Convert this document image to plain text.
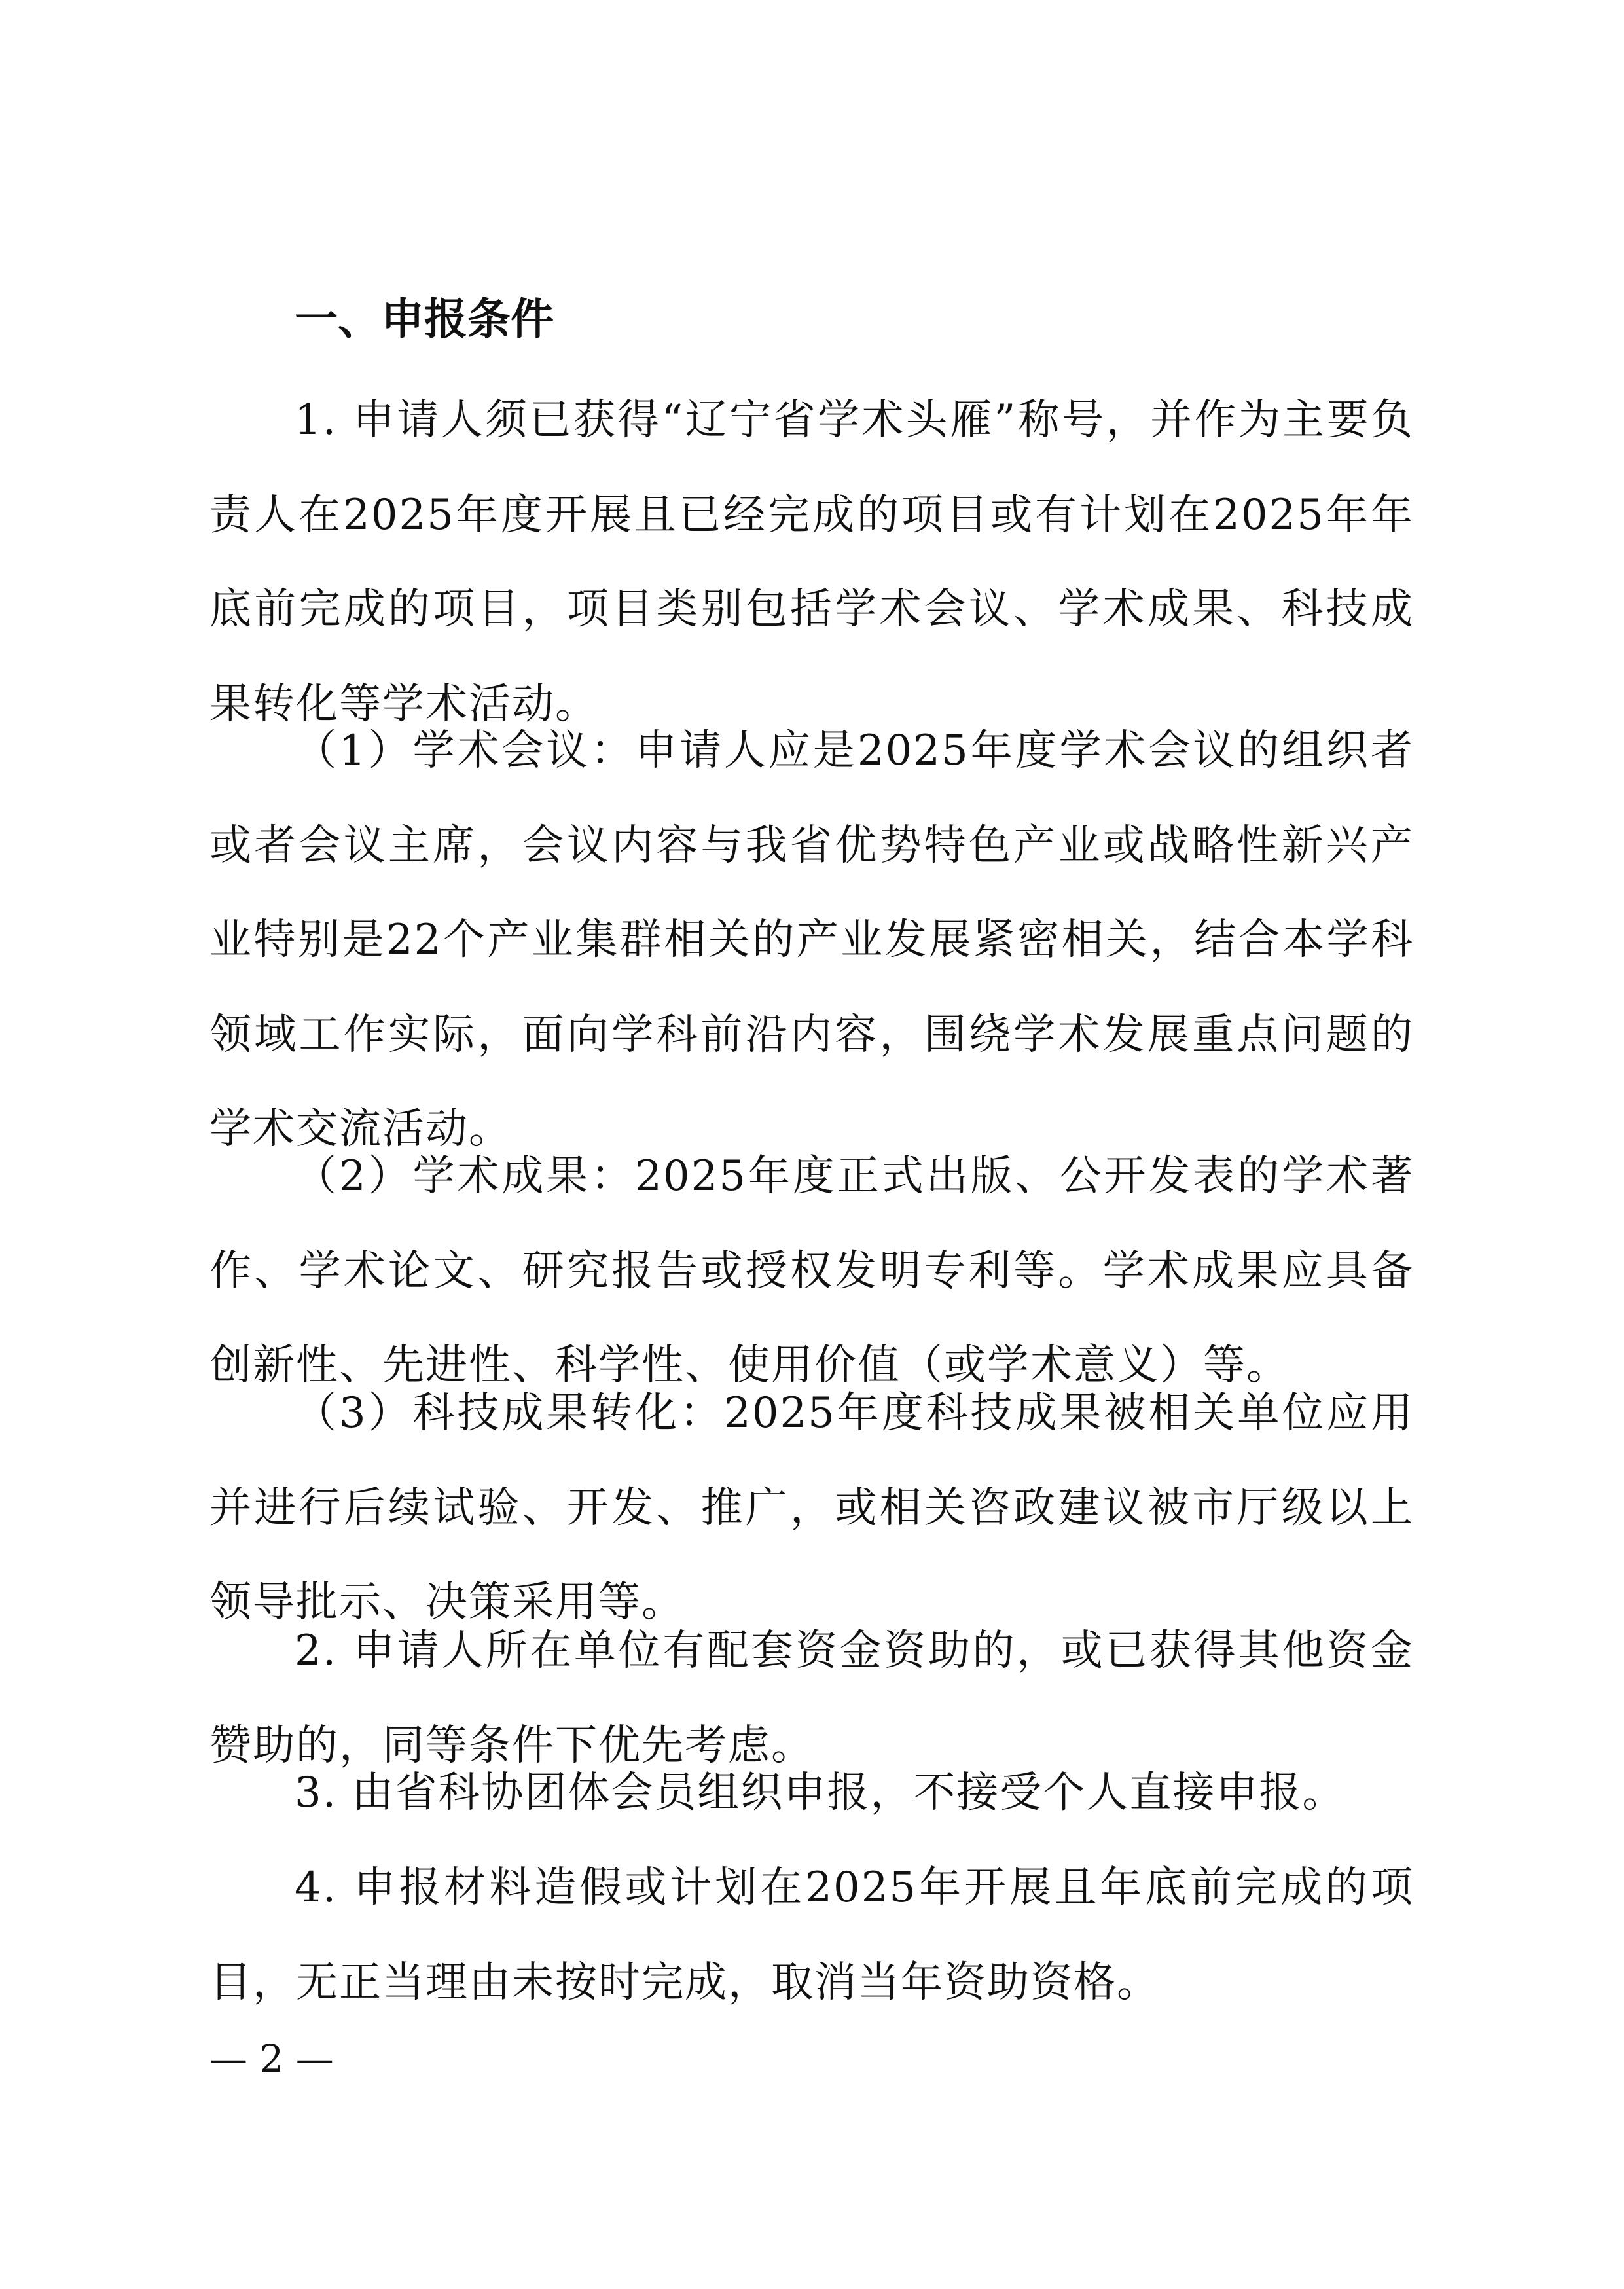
一、申报条件

1. 申请人须已获得“辽宁省学术头雁”称号，并作为主要负责人在2025年度开展且已经完成的项目或有计划在2025年年底前完成的项目，项目类别包括学术会议、学术成果、科技成果转化等学术活动。

（1）学术会议：申请人应是2025年度学术会议的组织者或者会议主席，会议内容与我省优势特色产业或战略性新兴产业特别是22个产业集群相关的产业发展紧密相关，结合本学科领域工作实际，面向学科前沿内容，围绕学术发展重点问题的学术交流活动。

（2）学术成果：2025年度正式出版、公开发表的学术著作、学术论文、研究报告或授权发明专利等。学术成果应具备创新性、先进性、科学性、使用价值（或学术意义）等。

（3）科技成果转化：2025年度科技成果被相关单位应用并进行后续试验、开发、推广，或相关咨政建议被市厅级以上领导批示、决策采用等。

2. 申请人所在单位有配套资金资助的，或已获得其他资金赞助的，同等条件下优先考虑。

3. 由省科协团体会员组织申报，不接受个人直接申报。

4. 申报材料造假或计划在2025年开展且年底前完成的项目，无正当理由未按时完成，取消当年资助资格。

— 2 —
